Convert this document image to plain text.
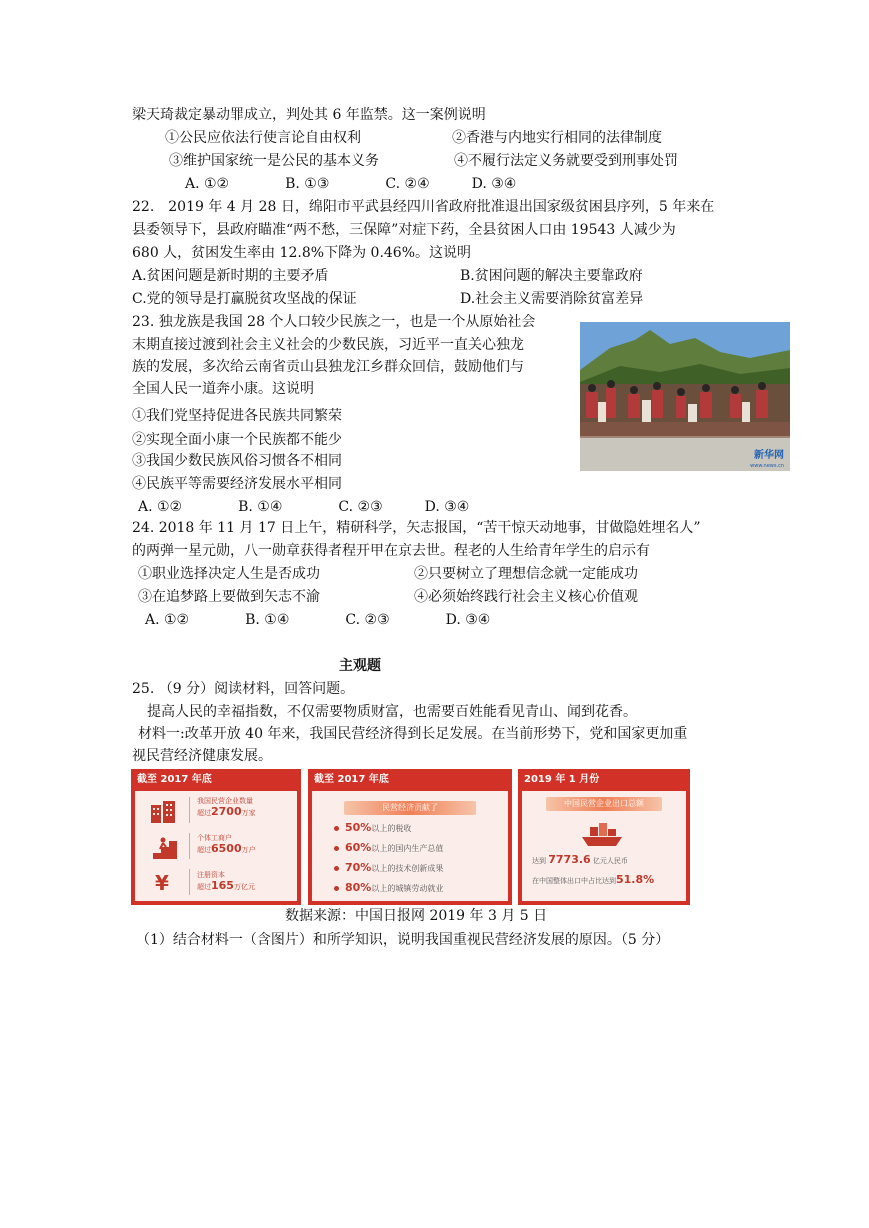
梁天琦裁定暴动罪成立，判处其 6 年监禁。这一案例说明
①公民应依法行使言论自由权利	②香港与内地实行相同的法律制度
③维护国家统一是公民的基本义务	④不履行法定义务就要受到刑事处罚
A. ①②　　　　B. ①③　　　　C. ②④　　　D. ③④
22.　2019 年 4 月 28 日，绵阳市平武县经四川省政府批准退出国家级贫困县序列，5 年来在
县委领导下，县政府瞄准“两不愁，三保障”对症下药，全县贫困人口由 19543 人减少为
680 人，贫困发生率由 12.8%下降为 0.46%。这说明
A.贫困问题是新时期的主要矛盾	B.贫困问题的解决主要靠政府
C.党的领导是打赢脱贫攻坚战的保证	D.社会主义需要消除贫富差异
23. 独龙族是我国 28 个人口较少民族之一，也是一个从原始社会
末期直接过渡到社会主义社会的少数民族，习近平一直关心独龙
族的发展，多次给云南省贡山县独龙江乡群众回信，鼓励他们与
全国人民一道奔小康。这说明
①我们党坚持促进各民族共同繁荣
②实现全面小康一个民族都不能少
③我国少数民族风俗习惯各不相同
④民族平等需要经济发展水平相同
A. ①②　　　　B. ①④　　　　C. ②③　　　D. ③④
新华网
www.news.cn
24. 2018 年 11 月 17 日上午，精研科学，矢志报国，“苦干惊天动地事，甘做隐姓埋名人”
的两弹一星元勋，八一勋章获得者程开甲在京去世。程老的人生给青年学生的启示有
①职业选择决定人生是否成功	②只要树立了理想信念就一定能成功
③在追梦路上要做到矢志不渝	④必须始终践行社会主义核心价值观
A. ①②　　　　B. ①④　　　　C. ②③　　　　D. ③④
主观题
25. （9 分）阅读材料，回答问题。
提高人民的幸福指数，不仅需要物质财富，也需要百姓能看见青山、闻到花香。
材料一:改革开放 40 年来，我国民营经济得到长足发展。在当前形势下，党和国家更加重
视民营经济健康发展。
截至 2017 年底
我国民营企业数量
超过2700万家
个体工商户
超过6500万户
¥	注册资本
超过165万亿元
截至 2017 年底
民营经济贡献了
50%以上的税收
60%以上的国内生产总值
70%以上的技术创新成果
80%以上的城镇劳动就业
2019 年 1 月份
中国民营企业出口总额
达到 7773.6 亿元人民币
在中国整体出口中占比达到51.8%
数据来源：中国日报网 2019 年 3 月 5 日
（1）结合材料一（含图片）和所学知识，说明我国重视民营经济发展的原因。（5 分）
